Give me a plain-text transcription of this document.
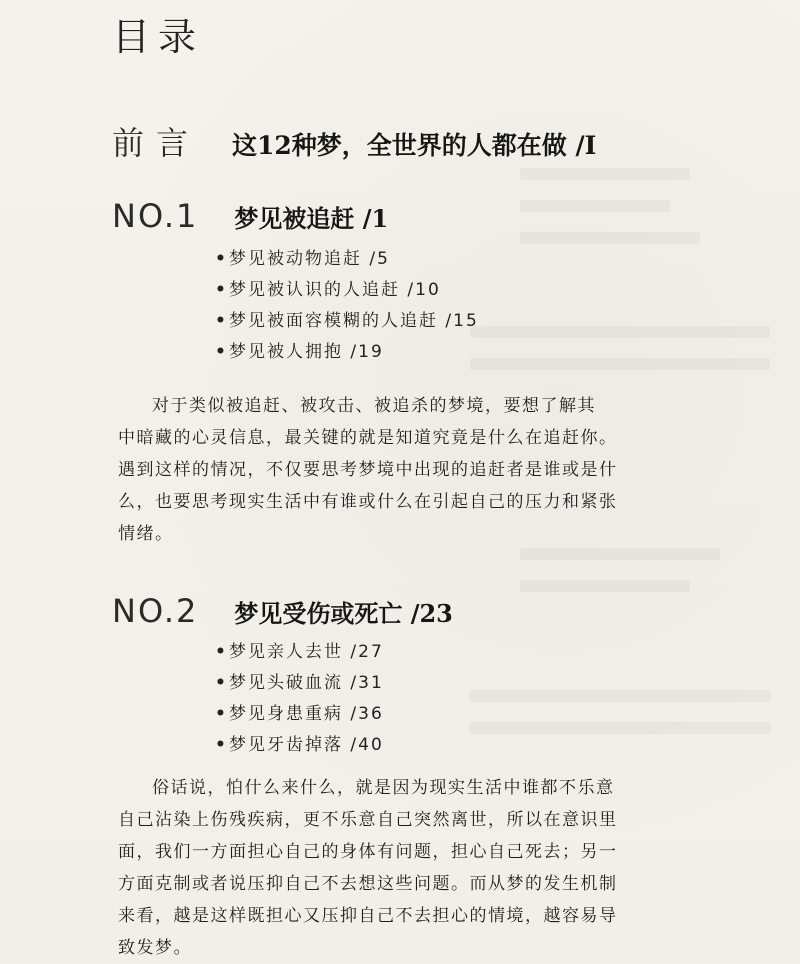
目录
前言 这12种梦，全世界的人都在做 /I
NO.1 梦见被追赶 /1
•梦见被动物追赶 /5
•梦见被认识的人追赶 /10
•梦见被面容模糊的人追赶 /15
•梦见被人拥抱 /19
对于类似被追赶、被攻击、被追杀的梦境，要想了解其
中暗藏的心灵信息，最关键的就是知道究竟是什么在追赶你。
遇到这样的情况，不仅要思考梦境中出现的追赶者是谁或是什
么，也要思考现实生活中有谁或什么在引起自己的压力和紧张
情绪。
NO.2 梦见受伤或死亡 /23
•梦见亲人去世 /27
•梦见头破血流 /31
•梦见身患重病 /36
•梦见牙齿掉落 /40
俗话说，怕什么来什么，就是因为现实生活中谁都不乐意
自己沾染上伤残疾病，更不乐意自己突然离世，所以在意识里
面，我们一方面担心自己的身体有问题，担心自己死去；另一
方面克制或者说压抑自己不去想这些问题。而从梦的发生机制
来看，越是这样既担心又压抑自己不去担心的情境，越容易导
致发梦。
